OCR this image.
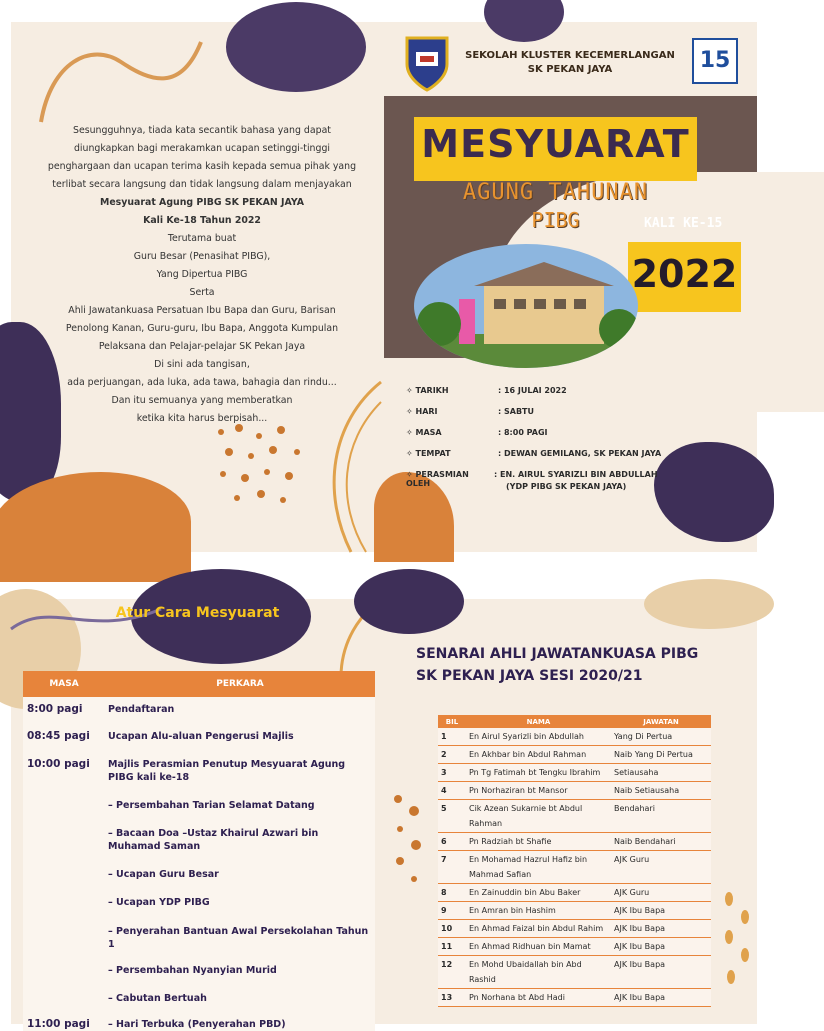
Sesungguhnya, tiada kata secantik bahasa yang dapat
diungkapkan bagi merakamkan ucapan setinggi-tinggi
penghargaan dan ucapan terima kasih kepada semua pihak yang
terlibat secara langsung dan tidak langsung dalam menjayakan
Mesyuarat Agung PIBG SK PEKAN JAYA
Kali Ke-18 Tahun 2022
Terutama buat
Guru Besar (Penasihat PIBG),
Yang Dipertua PIBG
Serta
Ahli Jawatankuasa Persatuan Ibu Bapa dan Guru, Barisan
Penolong Kanan, Guru-guru, Ibu Bapa, Anggota Kumpulan
Pelaksana dan Pelajar-pelajar SK Pekan Jaya
Di sini ada tangisan,
ada perjuangan, ada luka, ada tawa, bahagia dan rindu...
Dan itu semuanya yang memberatkan
ketika kita harus berpisah...
SEKOLAH KLUSTER KECEMERLANGAN
SK PEKAN JAYA	15
MESYUARAT
AGUNG TAHUNAN
PIBG	KALI KE-15
2022
✧ TARIKH	: 16 JULAI 2022
✧ HARI	: SABTU
✧ MASA	: 8:00 PAGI
✧ TEMPAT	: DEWAN GEMILANG, SK PEKAN JAYA
✧ PERASMIAN OLEH
: EN. AIRUL SYARIZLI BIN ABDULLAH
(YDP PIBG SK PEKAN JAYA)
Atur Cara Mesyuarat
MASA	PERKARA
8:00 pagi	Pendaftaran
08:45 pagi	Ucapan Alu-aluan Pengerusi Majlis
10:00 pagi	Majlis Perasmian Penutup Mesyuarat Agung PIBG kali ke-18
– Persembahan Tarian Selamat Datang
– Bacaan Doa –Ustaz Khairul Azwari bin Muhamad Saman
– Ucapan Guru Besar
– Ucapan YDP PIBG
– Penyerahan Bantuan Awal Persekolahan Tahun 1
– Persembahan Nyanyian Murid
– Cabutan Bertuah
11:00 pagi	– Hari Terbuka (Penyerahan PBD)
SENARAI AHLI JAWATANKUASA PIBG
SK PEKAN JAYA SESI 2020/21
BIL	NAMA	JAWATAN
1	En Airul Syarizli bin Abdullah	Yang Di Pertua
2	En Akhbar bin Abdul Rahman	Naib Yang Di Pertua
3	Pn Tg Fatimah bt Tengku Ibrahim	Setiausaha
4	Pn Norhaziran bt Mansor	Naib Setiausaha
5	Cik Azean Sukarnie bt Abdul Rahman	Bendahari
6	Pn Radziah bt Shafie	Naib Bendahari
7	En Mohamad Hazrul Hafiz bin Mahmad Safian	AJK Guru
8	En Zainuddin bin Abu Baker	AJK Guru
9	En Amran bin Hashim	AJK Ibu Bapa
10	En Ahmad Faizal bin Abdul Rahim	AJK Ibu Bapa
11	En Ahmad Ridhuan bin Mamat	AJK Ibu Bapa
12	En Mohd Ubaidallah bin Abd Rashid	AJK Ibu Bapa
13	Pn Norhana bt Abd Hadi	AJK Ibu Bapa
